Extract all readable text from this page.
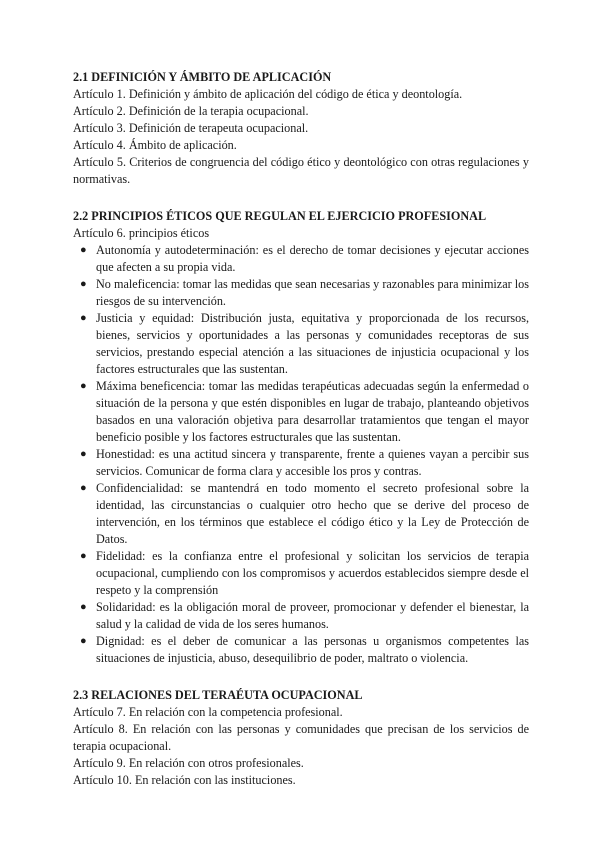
2.1 DEFINICIÓN Y ÁMBITO DE APLICACIÓN

Artículo 1. Definición y ámbito de aplicación del código de ética y deontología.

Artículo 2. Definición de la terapia ocupacional.

Artículo 3. Definición de terapeuta ocupacional.

Artículo 4. Ámbito de aplicación.

Artículo 5. Criterios de congruencia del código ético y deontológico con otras regulaciones y normativas.

2.2 PRINCIPIOS ÉTICOS QUE REGULAN EL EJERCICIO PROFESIONAL

Artículo 6. principios éticos

● Autonomía y autodeterminación: es el derecho de tomar decisiones y ejecutar acciones que afecten a su propia vida.
● No maleficencia: tomar las medidas que sean necesarias y razonables para minimizar los riesgos de su intervención.
● Justicia y equidad: Distribución justa, equitativa y proporcionada de los recursos, bienes, servicios y oportunidades a las personas y comunidades receptoras de sus servicios, prestando especial atención a las situaciones de injusticia ocupacional y los factores estructurales que las sustentan.
● Máxima beneficencia: tomar las medidas terapéuticas adecuadas según la enfermedad o situación de la persona y que estén disponibles en lugar de trabajo, planteando objetivos basados en una valoración objetiva para desarrollar tratamientos que tengan el mayor beneficio posible y los factores estructurales que las sustentan.
● Honestidad: es una actitud sincera y transparente, frente a quienes vayan a percibir sus servicios. Comunicar de forma clara y accesible los pros y contras.
● Confidencialidad: se mantendrá en todo momento el secreto profesional sobre la identidad, las circunstancias o cualquier otro hecho que se derive del proceso de intervención, en los términos que establece el código ético y la Ley de Protección de Datos.
● Fidelidad: es la confianza entre el profesional y solicitan los servicios de terapia ocupacional, cumpliendo con los compromisos y acuerdos establecidos siempre desde el respeto y la comprensión
● Solidaridad: es la obligación moral de proveer, promocionar y defender el bienestar, la salud y la calidad de vida de los seres humanos.
● Dignidad: es el deber de comunicar a las personas u organismos competentes las situaciones de injusticia, abuso, desequilibrio de poder, maltrato o violencia.

2.3 RELACIONES DEL TERAÉUTA OCUPACIONAL

Artículo 7. En relación con la competencia profesional.

Artículo 8. En relación con las personas y comunidades que precisan de los servicios de terapia ocupacional.

Artículo 9. En relación con otros profesionales.

Artículo 10. En relación con las instituciones.
